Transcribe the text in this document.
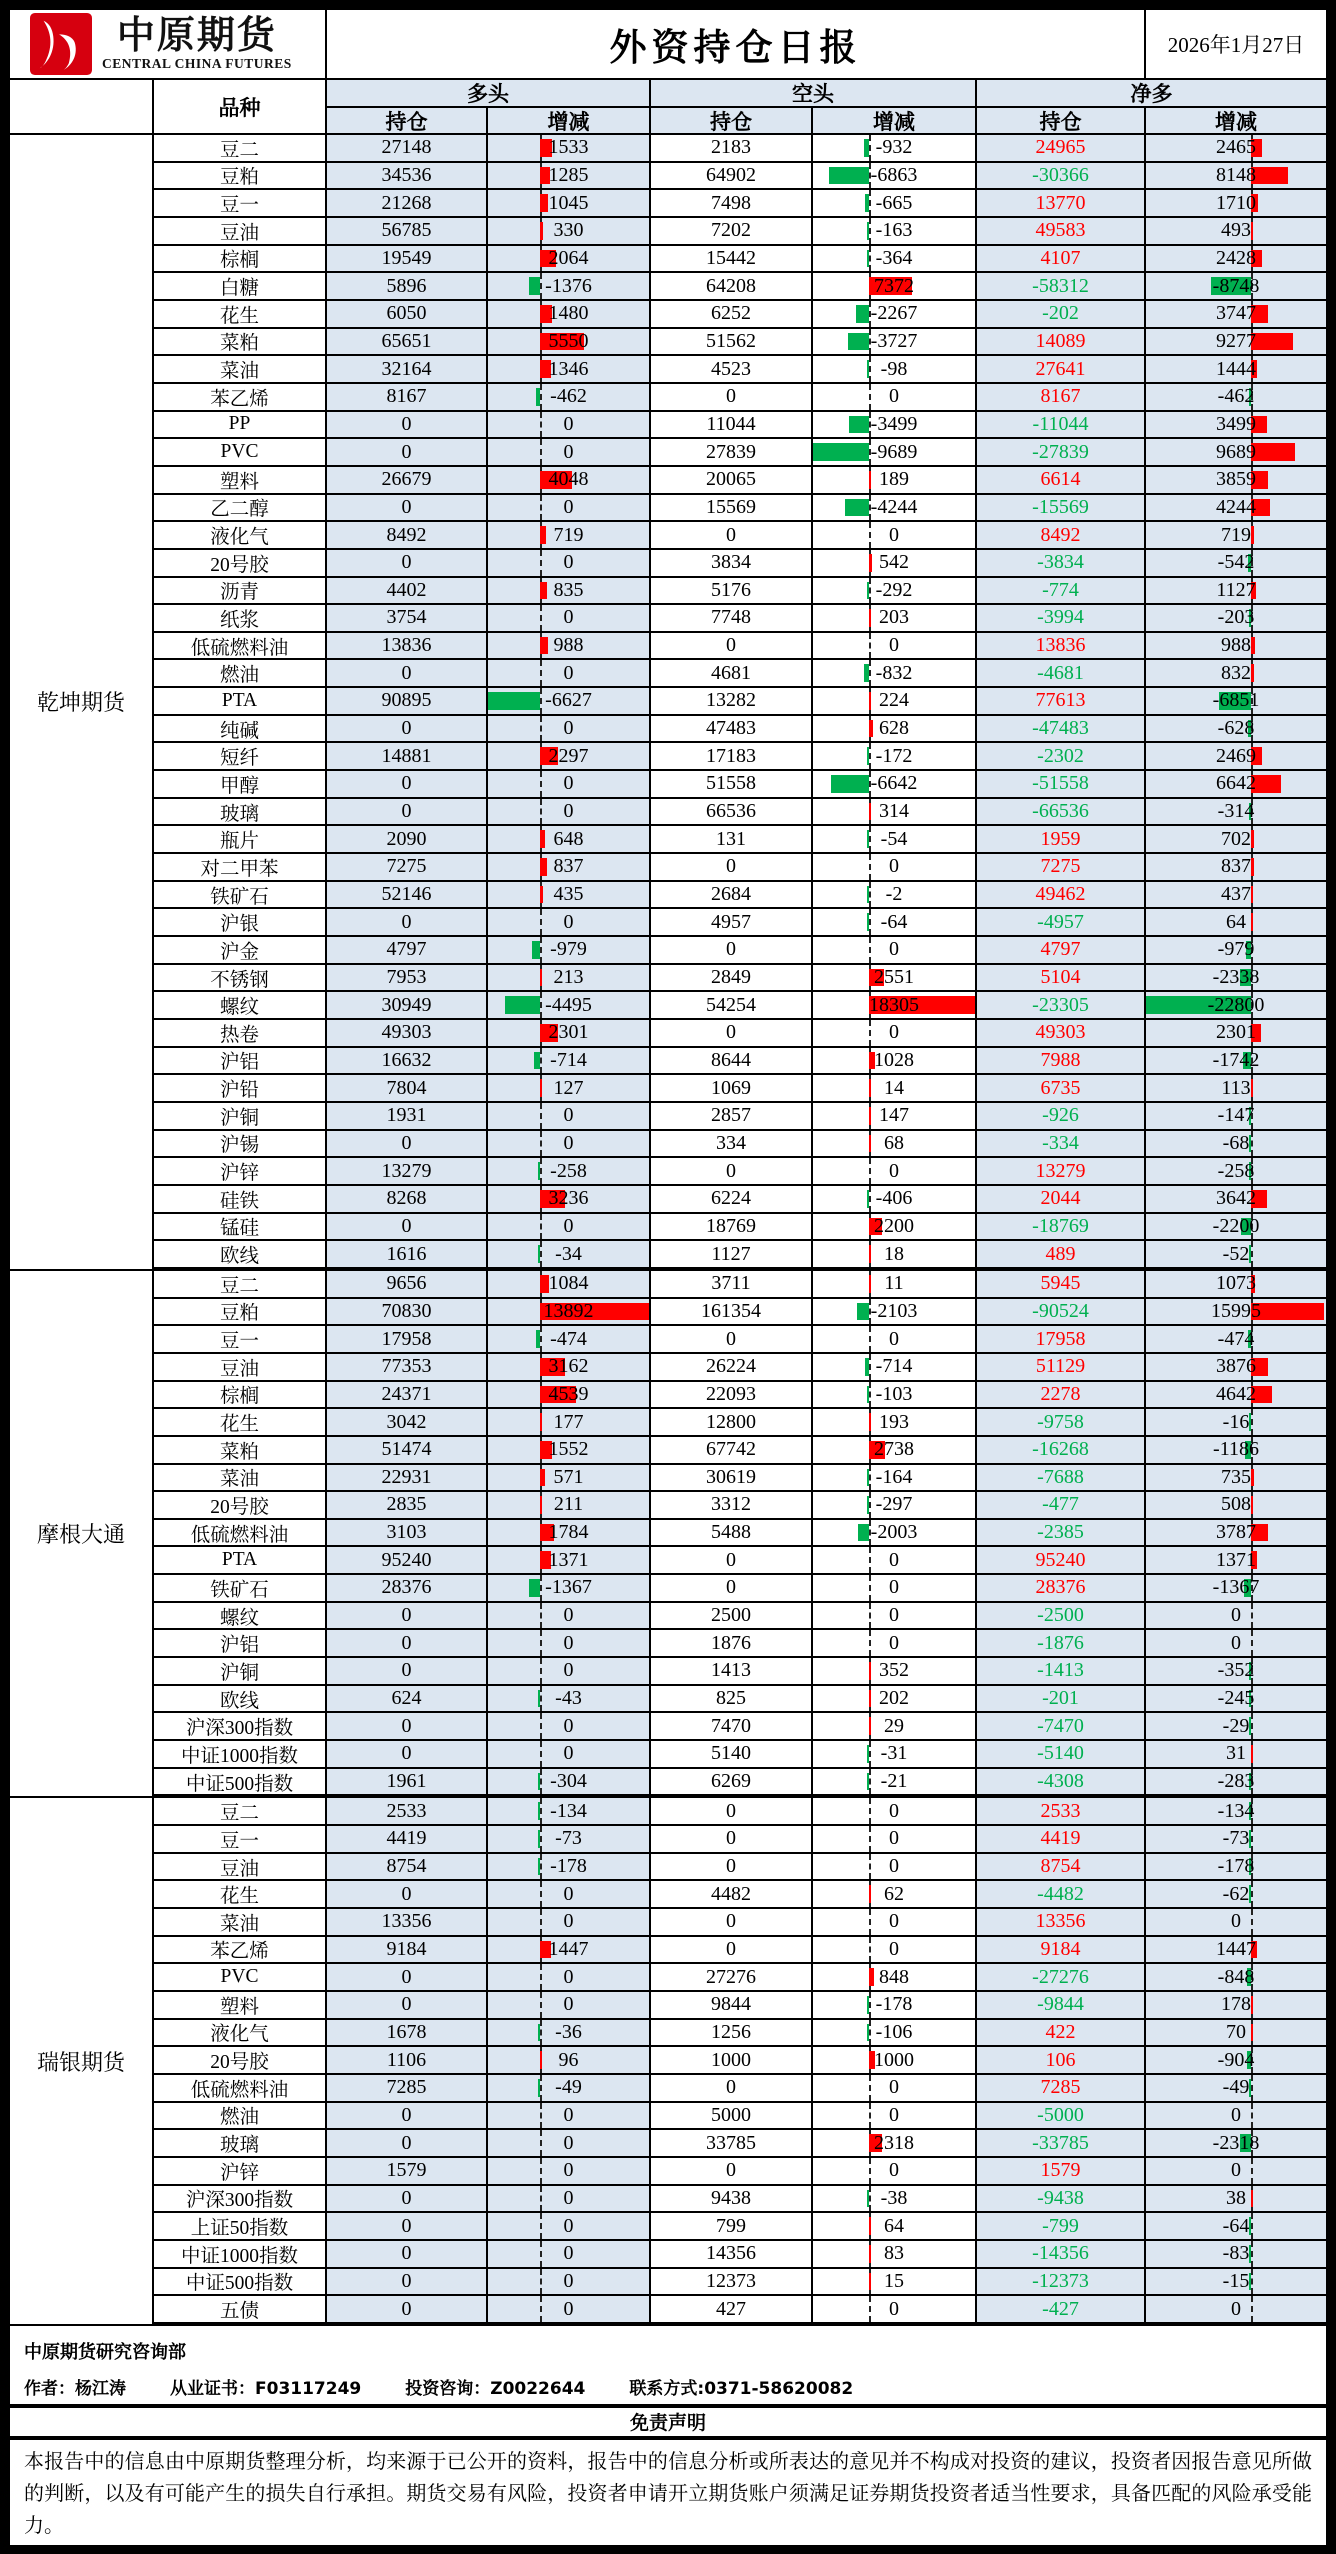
中原期货
CENTRAL CHINA FUTURES	外资持仓日报	2026年1月27日
品种
多头	空头	净多
持仓	增减	持仓	增减	持仓	增减
乾坤期货
豆二	27148	1533	2183	-932	24965	2465
豆粕	34536	1285	64902	-6863	-30366	8148
豆一	21268	1045	7498	-665	13770	1710
豆油	56785	330	7202	-163	49583	493
棕榈	19549	2064	15442	-364	4107	2428
白糖	5896	-1376	64208	7372	-58312	-8748
花生	6050	1480	6252	-2267	-202	3747
菜粕	65651	5550	51562	-3727	14089	9277
菜油	32164	1346	4523	-98	27641	1444
苯乙烯	8167	-462	0	0	8167	-462
PP	0	0	11044	-3499	-11044	3499
PVC	0	0	27839	-9689	-27839	9689
塑料	26679	4048	20065	189	6614	3859
乙二醇	0	0	15569	-4244	-15569	4244
液化气	8492	719	0	0	8492	719
20号胶	0	0	3834	542	-3834	-542
沥青	4402	835	5176	-292	-774	1127
纸浆	3754	0	7748	203	-3994	-203
低硫燃料油	13836	988	0	0	13836	988
燃油	0	0	4681	-832	-4681	832
PTA	90895	-6627	13282	224	77613	-6851
纯碱	0	0	47483	628	-47483	-628
短纤	14881	2297	17183	-172	-2302	2469
甲醇	0	0	51558	-6642	-51558	6642
玻璃	0	0	66536	314	-66536	-314
瓶片	2090	648	131	-54	1959	702
对二甲苯	7275	837	0	0	7275	837
铁矿石	52146	435	2684	-2	49462	437
沪银	0	0	4957	-64	-4957	64
沪金	4797	-979	0	0	4797	-979
不锈钢	7953	213	2849	2551	5104	-2338
螺纹	30949	-4495	54254	18305	-23305	-22800
热卷	49303	2301	0	0	49303	2301
沪铝	16632	-714	8644	1028	7988	-1742
沪铅	7804	127	1069	14	6735	113
沪铜	1931	0	2857	147	-926	-147
沪锡	0	0	334	68	-334	-68
沪锌	13279	-258	0	0	13279	-258
硅铁	8268	3236	6224	-406	2044	3642
锰硅	0	0	18769	2200	-18769	-2200
欧线	1616	-34	1127	18	489	-52
摩根大通
豆二	9656	1084	3711	11	5945	1073
豆粕	70830	13892	161354	-2103	-90524	15995
豆一	17958	-474	0	0	17958	-474
豆油	77353	3162	26224	-714	51129	3876
棕榈	24371	4539	22093	-103	2278	4642
花生	3042	177	12800	193	-9758	-16
菜粕	51474	1552	67742	2738	-16268	-1186
菜油	22931	571	30619	-164	-7688	735
20号胶	2835	211	3312	-297	-477	508
低硫燃料油	3103	1784	5488	-2003	-2385	3787
PTA	95240	1371	0	0	95240	1371
铁矿石	28376	-1367	0	0	28376	-1367
螺纹	0	0	2500	0	-2500	0
沪铝	0	0	1876	0	-1876	0
沪铜	0	0	1413	352	-1413	-352
欧线	624	-43	825	202	-201	-245
沪深300指数	0	0	7470	29	-7470	-29
中证1000指数	0	0	5140	-31	-5140	31
中证500指数	1961	-304	6269	-21	-4308	-283
瑞银期货
豆二	2533	-134	0	0	2533	-134
豆一	4419	-73	0	0	4419	-73
豆油	8754	-178	0	0	8754	-178
花生	0	0	4482	62	-4482	-62
菜油	13356	0	0	0	13356	0
苯乙烯	9184	1447	0	0	9184	1447
PVC	0	0	27276	848	-27276	-848
塑料	0	0	9844	-178	-9844	178
液化气	1678	-36	1256	-106	422	70
20号胶	1106	96	1000	1000	106	-904
低硫燃料油	7285	-49	0	0	7285	-49
燃油	0	0	5000	0	-5000	0
玻璃	0	0	33785	2318	-33785	-2318
沪锌	1579	0	0	0	1579	0
沪深300指数	0	0	9438	-38	-9438	38
上证50指数	0	0	799	64	-799	-64
中证1000指数	0	0	14356	83	-14356	-83
中证500指数	0	0	12373	15	-12373	-15
五债	0	0	427	0	-427	0
中原期货研究咨询部
作者：杨江涛	从业证书：F03117249	投资咨询：Z0022644	联系方式:0371-58620082
免责声明
本报告中的信息由中原期货整理分析，均来源于已公开的资料，报告中的信息分析或所表达的意见并不构成对投资的建议，投资者因报告意见所做的判断，以及有可能产生的损失自行承担。期货交易有风险，投资者申请开立期货账户须满足证券期货投资者适当性要求，具备匹配的风险承受能力。
